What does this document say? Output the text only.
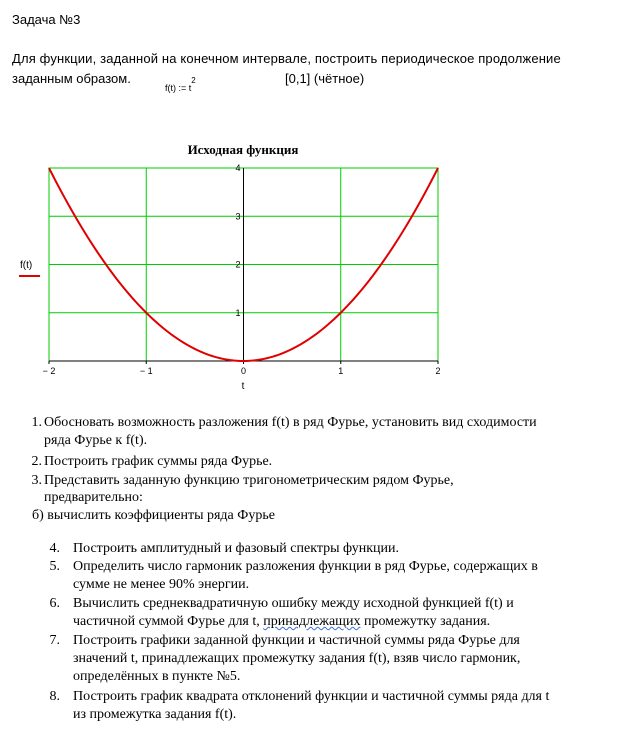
Задача №3
Для функции, заданной на конечном интервале, построить периодическое продолжение
заданным образом.
f(t) := $t^2$	[0,1] (чётное)
Исходная функция
− 2	− 1	0	1	2
1
2
3
4
f(t)
t
1. Обосновать возможность разложения f(t) в ряд Фурье, установить вид сходимости
ряда Фурье к f(t).
2. Построить график суммы ряда Фурье.
3. Представить заданную функцию тригонометрическим рядом Фурье,
предварительно:
б) вычислить коэффициенты ряда Фурье
4. Построить амплитудный и фазовый спектры функции.
5. Определить число гармоник разложения функции в ряд Фурье, содержащих в
сумме не менее 90% энергии.
6. Вычислить среднеквадратичную ошибку между исходной функцией f(t) и
частичной суммой Фурье для t, принадлежащих промежутку задания.
7. Построить графики заданной функции и частичной суммы ряда Фурье для
значений t, принадлежащих промежутку задания f(t), взяв число гармоник,
определённых в пункте №5.
8. Построить график квадрата отклонений функции и частичной суммы ряда для t
из промежутка задания f(t).
